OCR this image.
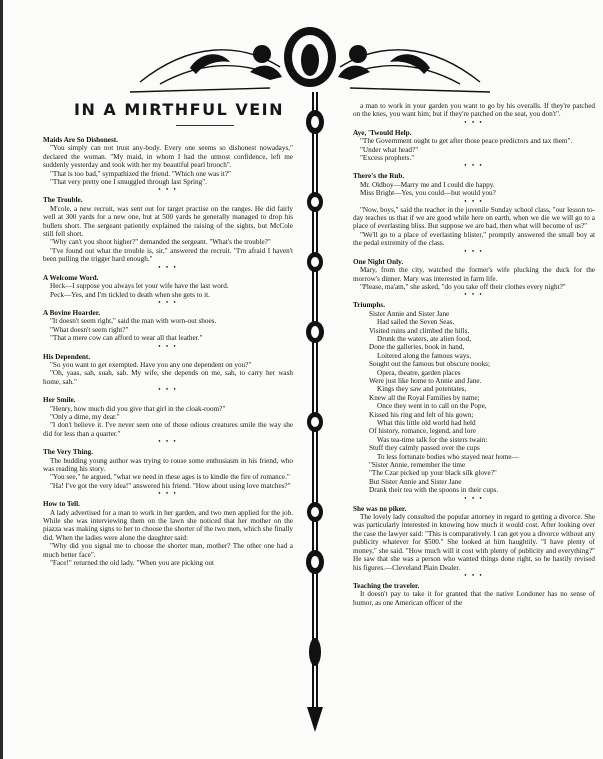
IN A MIRTHFUL VEIN
Maids Are So Dishonest.

"You simply can not trust any-body. Every one seems so dishonest nowadays," declared the woman. "My maid, in whom I had the utmost confidence, left me suddenly yesterday and took with her my beautiful pearl brooch".

"That is too bad," sympathized the friend. "Which one was it?"

"That very pretty one I smuggled through last Spring".

• • •
The Trouble.

M'cole, a new recruit, was sent out for target practise on the ranges. He did fairly well at 300 yards for a new one, but at 500 yards he generally managed to drop his bullets short. The sergeant patiently explained the raising of the sights, but McCole still fell short.

"Why can't you shoot higher?" demanded the sergeant. "What's the trouble?"

"I've found out what the trouble is, sir," answered the recruit. "I'm afraid I haven't been pulling the trigger hard enough."

• • •
A Welcome Word.

Heck—I suppose you always let your wife have the last word.

Peck—Yes, and I'm tickled to death when she gets to it.

• • •
A Bovine Hoarder.

"It doesn't seem right," said the man with worn-out shoes.

"What doesn't seem right?"

"That a mere cow can afford to wear all that leather."

• • •
His Dependent.

"So you want to get exempted. Have you any one dependent on you?"

"Oh, yaas, sah, suah, sah. My wife, she depends on me, sah, to carry her wash home, sah."

• • •
Her Smile.

"Henry, how much did you give that girl in the cloak-room?"

"Only a dime, my dear."

"I don't believe it. I've never seen one of those odious creatures smile the way she did for less than a quarter."

• • •
The Very Thing.

The budding young author was trying to rouse some enthusiasm in his friend, who was reading his story.

"You see," he argued, "what we need in these ages is to kindle the fire of romance."

"Ha! I've got the very idea!" answered his friend. "How about using love matches?"

• • •
How to Tell.

A lady advertised for a man to work in her garden, and two men applied for the job. While she was interviewing them on the lawn she noticed that her mother on the piazza was making signs to her to choose the shorter of the two men, which she finally did. When the ladies were alone the daughter said:

"Why did you signal me to choose the shorter man, mother? The other one had a much better face".

"Face!" returned the old lady. "When you are picking out

a man to work in your garden you want to go by his overalls. If they're patched on the knes, you want him; but if they're patched on the seat, you don't".

• • •
Aye, 'Twould Help.

"The Government ought to get after those peace predictors and tax them".

"Under what head?"

"Excess prophets."

• • •
There's the Rub.

Mr. Oldboy—Marry me and I could die happy.

Miss Bright—Yes, you could—but would you?

• • •

"Now, boys," said the teacher in the juvenile Sunday school class, "our lesson to-day teaches us that if we are good while here on earth, when we die we will go to a place of everlasting bliss. But suppose we are bad, then what will become of us?"

"We'll go to a place of everlasting blister," promptly answered the small boy at the pedal extremity of the class.

• • •
One Night Only.

Mary, from the city, watched the former's wife plucking the duck for the morrow's dinner. Mary was interested in farm life.

"Please, ma'am," she asked, "do you take off their clothes every night?"

• • •
Triumphs.
Sister Annie and Sister Jane
Had sailed the Seven Seas,
Visited ruins and climbed the hills,
Drunk the waters, ate alien food,
Done the galleries, book in hand,
Loitered along the famous ways,
Sought out the famous but obscure nooks;
Opera, theatre, garden places
Were just like home to Annie and Jane.
Kings they saw and potentates,
Knew all the Royal Families by name;
Once they went in to call on the Pope,
Kissed his ring and felt of his gown;
What this little old world had held
Of history, romance, legend, and lore
Was tea-time talk for the sisters twain:
Stuff they calmly passed over the cups
To less fortunate bodies who stayed near home—
"Sister Annie, remember the time
"The Czar picked up your black silk glove?"
But Sister Annie and Sister Jane
Drank their tea with the spoons in their cups.
• • •
She was no piker.

The lovely lady consulted the popular attorney in regard to getting a divorce. She was particularly interested in knowing how much it would cost. After looking over the case the lawyer said: "This is comparatively. I can get you a divorce without any publicity whatever for $500." She looked at him haughtily. "I have plenty of money," she said. "How much will it cost with plenty of publicity and everything?" He saw that she was a person who wanted things done right, so he hastily revised his figures.—Cleveland Plain Dealer.

• • •
Teaching the traveler.

It doesn't pay to take it for granted that the native Londoner has no sense of humor, as one American officer of the
